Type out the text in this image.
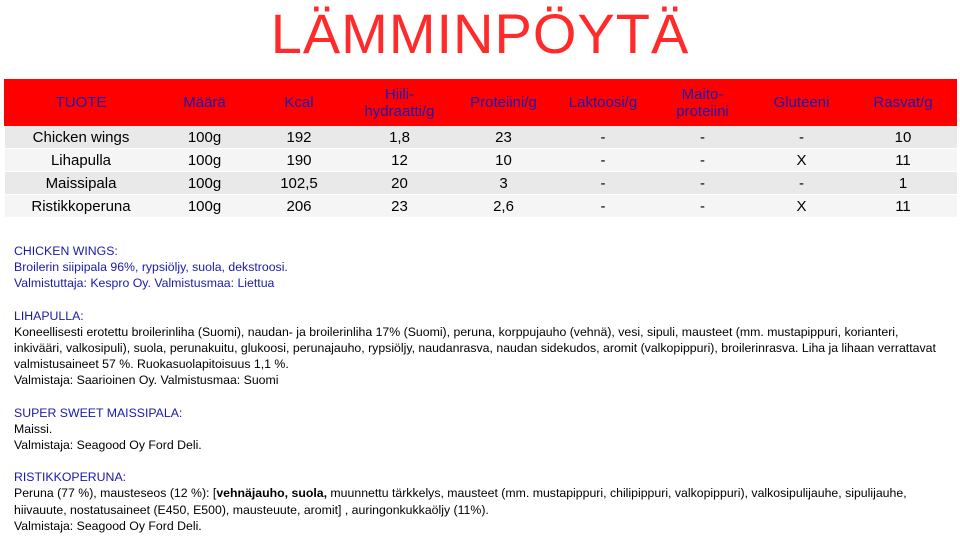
LÄMMINPÖYTÄ
TUOTE	Määrä	Kcal	Hiili-
hydraatti/g	Proteiini/g	Laktoosi/g	Maito-
proteiini	Gluteeni	Rasvat/g
Chicken wings	100g	192	1,8	23	-	-	-	10
Lihapulla	100g	190	12	10	-	-	X	11
Maissipala	100g	102,5	20	3	-	-	-	1
Ristikkoperuna	100g	206	23	2,6	-	-	X	11
CHICKEN WINGS:
Broilerin siipipala 96%, rypsiöljy, suola, dekstroosi.
Valmistuttaja: Kespro Oy. Valmistusmaa: Liettua
LIHAPULLA:
Koneellisesti erotettu broilerinliha (Suomi), naudan- ja broilerinliha 17% (Suomi), peruna, korppujauho (vehnä), vesi, sipuli, mausteet (mm. mustapippuri, korianteri, inkivääri, valkosipuli), suola, perunakuitu, glukoosi, perunajauho, rypsiöljy, naudanrasva, naudan sidekudos, aromit (valkopippuri), broilerinrasva. Liha ja lihaan verrattavat valmistusaineet 57 %. Ruokasuolapitoisuus 1,1 %.
Valmistaja: Saarioinen Oy. Valmistusmaa: Suomi
SUPER SWEET MAISSIPALA:
Maissi.
Valmistaja: Seagood Oy Ford Deli.
RISTIKKOPERUNA:
Peruna (77 %), mausteseos (12 %): [vehnäjauho, suola, muunnettu tärkkelys, mausteet (mm. mustapippuri, chilipippuri, valkopippuri), valkosipulijauhe, sipulijauhe, hiivauute, nostatusaineet (E450, E500), mausteuute, aromit] , auringonkukkaöljy (11%).
Valmistaja: Seagood Oy Ford Deli.
